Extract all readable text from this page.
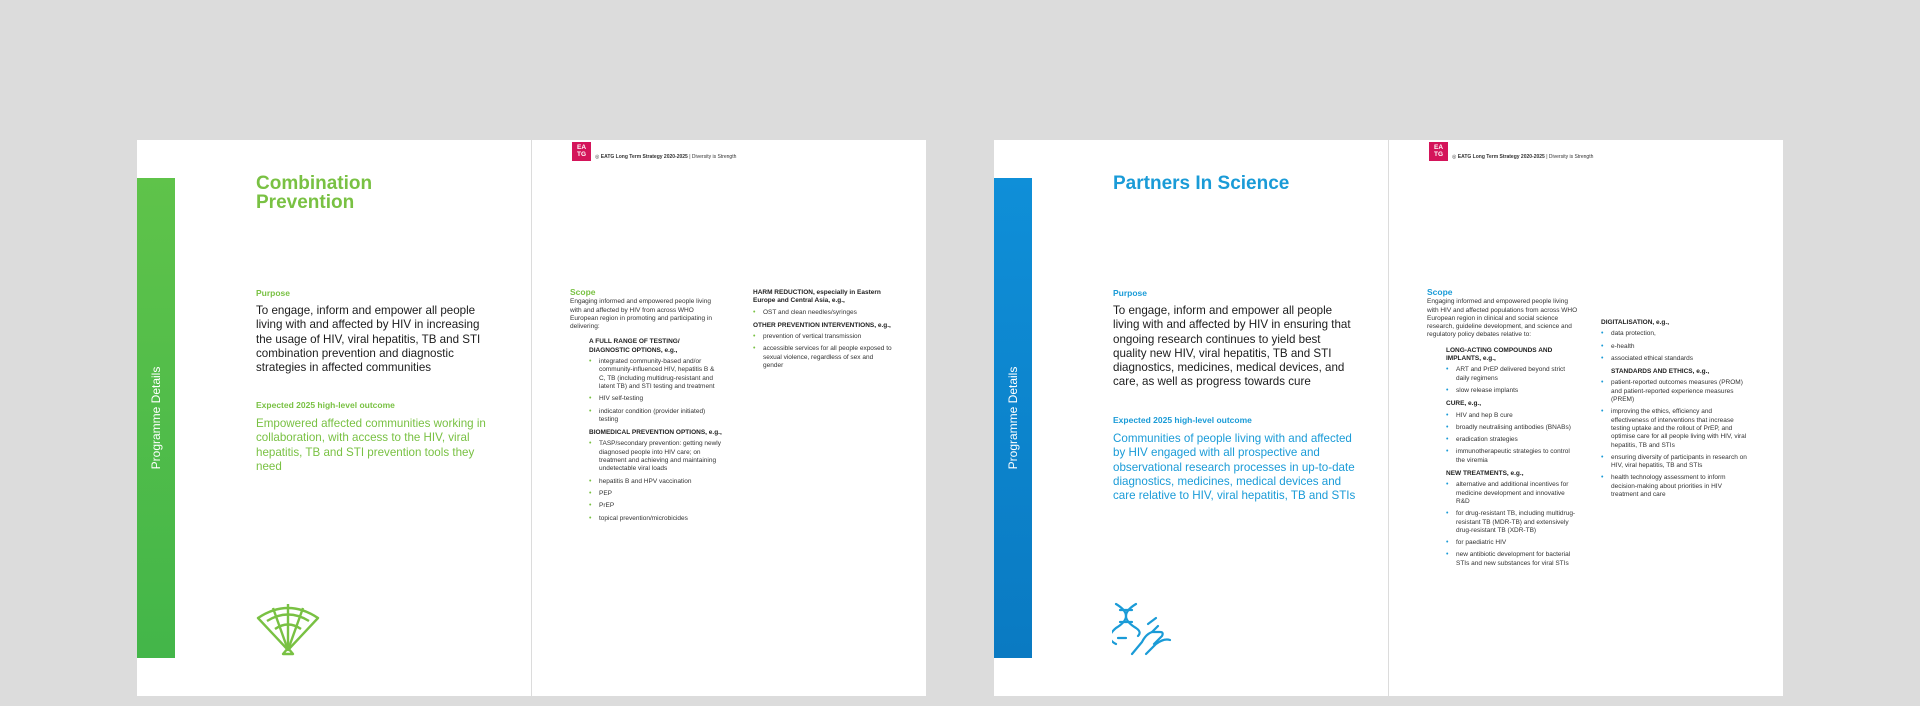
Programme Details
Combination
Prevention
Purpose
To engage, inform and empower all people living with and affected by HIV in increasing the usage of HIV, viral hepatitis, TB and STI combination prevention and diagnostic strategies in affected communities
Expected 2025 high-level outcome
Empowered affected communities working in collaboration, with access to the HIV, viral hepatitis, TB and STI prevention tools they need
EA
TG ◎ EATG Long Term Strategy 2020-2025 | Diversity is Strength
Scope
Engaging informed and empowered people living with and affected by HIV from across WHO European region in promoting and participating in delivering:
A FULL RANGE OF TESTING/ DIAGNOSTIC OPTIONS, e.g.,
• integrated community-based and/or community-influenced HIV, hepatitis B & C, TB (including multidrug-resistant and latent TB) and STI testing and treatment
• HIV self-testing
• indicator condition (provider initiated) testing
BIOMEDICAL PREVENTION OPTIONS, e.g.,
• TASP/secondary prevention: getting newly diagnosed people into HIV care; on treatment and achieving and maintaining undetectable viral loads
• hepatitis B and HPV vaccination
• PEP
• PrEP
• topical prevention/microbicides
HARM REDUCTION, especially in Eastern Europe and Central Asia, e.g.,
• OST and clean needles/syringes
OTHER PREVENTION INTERVENTIONS, e.g.,
• prevention of vertical transmission
• accessible services for all people exposed to sexual violence, regardless of sex and gender
Programme Details
Partners In Science
Purpose
To engage, inform and empower all people living with and affected by HIV in ensuring that ongoing research continues to yield best quality new HIV, viral hepatitis, TB and STI diagnostics, medicines, medical devices, and care, as well as progress towards cure
Expected 2025 high-level outcome
Communities of people living with and affected by HIV engaged with all prospective and observational research processes in up-to-date diagnostics, medicines, medical devices and care relative to HIV, viral hepatitis, TB and STIs
EA
TG ◎ EATG Long Term Strategy 2020-2025 | Diversity is Strength
Scope
Engaging informed and empowered people living with HIV and affected populations from across WHO European region in clinical and social science research, guideline development, and science and regulatory policy debates relative to:
LONG-ACTING COMPOUNDS AND IMPLANTS, e.g.,
• ART and PrEP delivered beyond strict daily regimens
• slow release implants
CURE, e.g.,
• HIV and hep B cure
• broadly neutralising antibodies (BNABs)
• eradication strategies
• immunotherapeutic strategies to control the viremia
NEW TREATMENTS, e.g.,
• alternative and additional incentives for medicine development and innovative R&D
• for drug-resistant TB, including multidrug-resistant TB (MDR-TB) and extensively drug-resistant TB (XDR-TB)
• for paediatric HIV
• new antibiotic development for bacterial STIs and new substances for viral STIs
DIGITALISATION, e.g.,
• data protection,
• e-health
• associated ethical standards
STANDARDS AND ETHICS, e.g.,
• patient-reported outcomes measures (PROM) and patient-reported experience measures (PREM)
• improving the ethics, efficiency and effectiveness of interventions that increase testing uptake and the rollout of PrEP, and optimise care for all people living with HIV, viral hepatitis, TB and STIs
• ensuring diversity of participants in research on HIV, viral hepatitis, TB and STIs
• health technology assessment to inform decision-making about priorities in HIV treatment and care
